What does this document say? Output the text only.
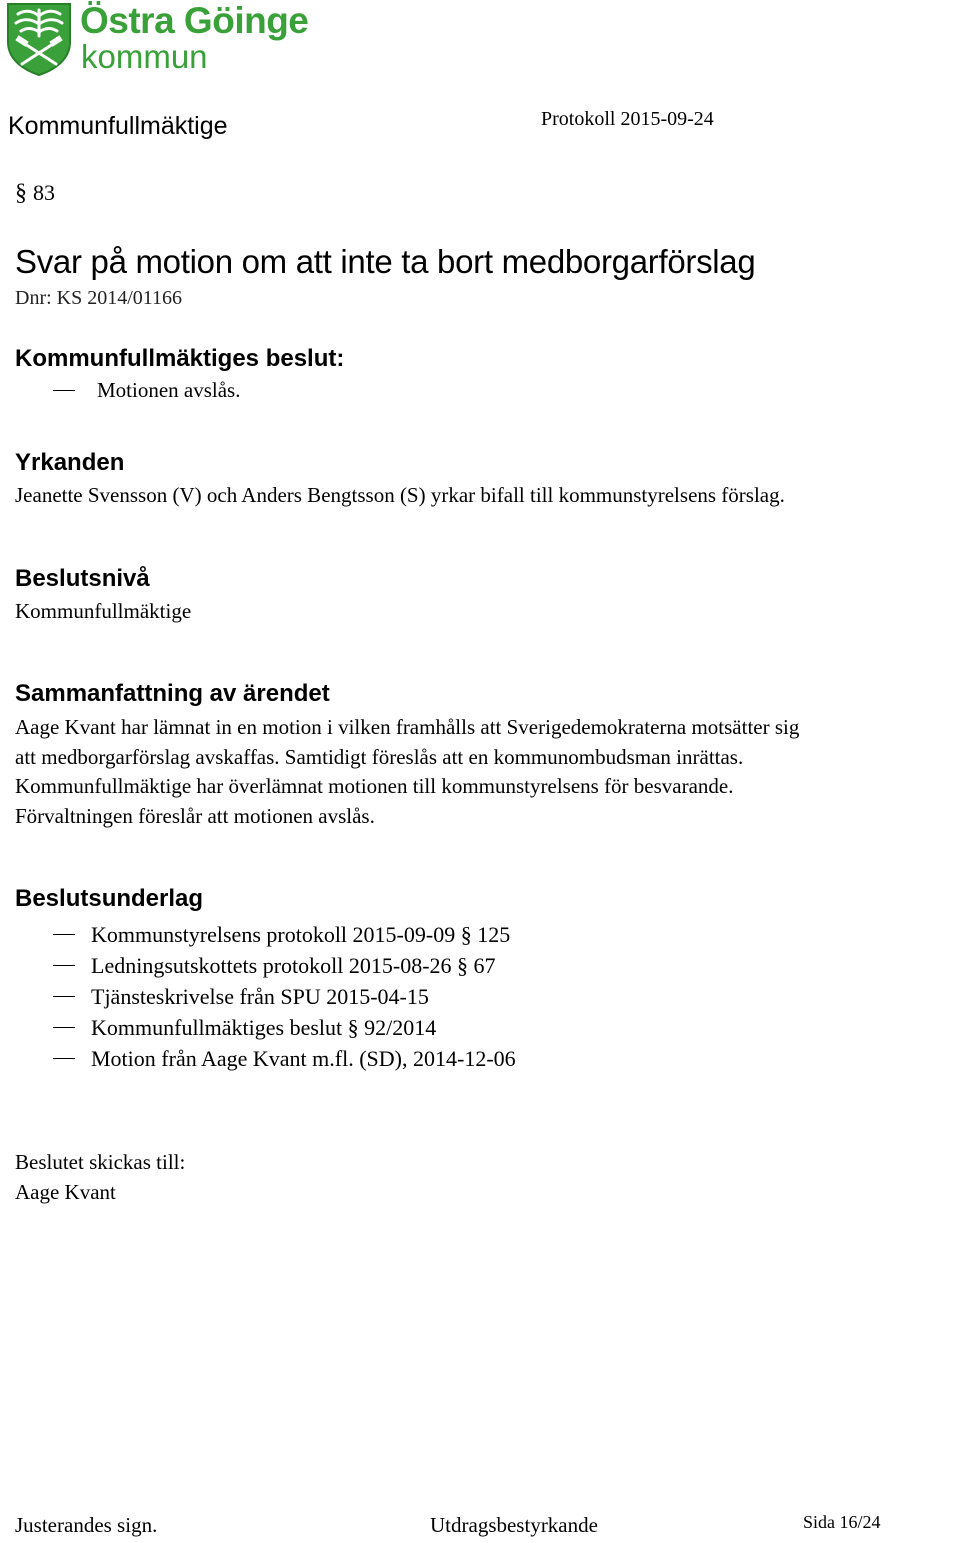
Östra Göinge
kommun
Kommunfullmäktige	Protokoll 2015-09-24
§ 83
Svar på motion om att inte ta bort medborgarförslag
Dnr: KS 2014/01166
Kommunfullmäktiges beslut:
Motionen avslås.
Yrkanden
Jeanette Svensson (V) och Anders Bengtsson (S) yrkar bifall till kommunstyrelsens förslag.
Beslutsnivå
Kommunfullmäktige
Sammanfattning av ärendet
Aage Kvant har lämnat in en motion i vilken framhålls att Sverigedemokraterna motsätter sig
att medborgarförslag avskaffas. Samtidigt föreslås att en kommunombudsman inrättas.
Kommunfullmäktige har överlämnat motionen till kommunstyrelsens för besvarande.
Förvaltningen föreslår att motionen avslås.
Beslutsunderlag
Kommunstyrelsens protokoll 2015-09-09 § 125
Ledningsutskottets protokoll 2015-08-26 § 67
Tjänsteskrivelse från SPU 2015-04-15
Kommunfullmäktiges beslut § 92/2014
Motion från Aage Kvant m.fl. (SD), 2014-12-06
Beslutet skickas till:
Aage Kvant
Justerandes sign.	Utdragsbestyrkande	Sida 16/24
